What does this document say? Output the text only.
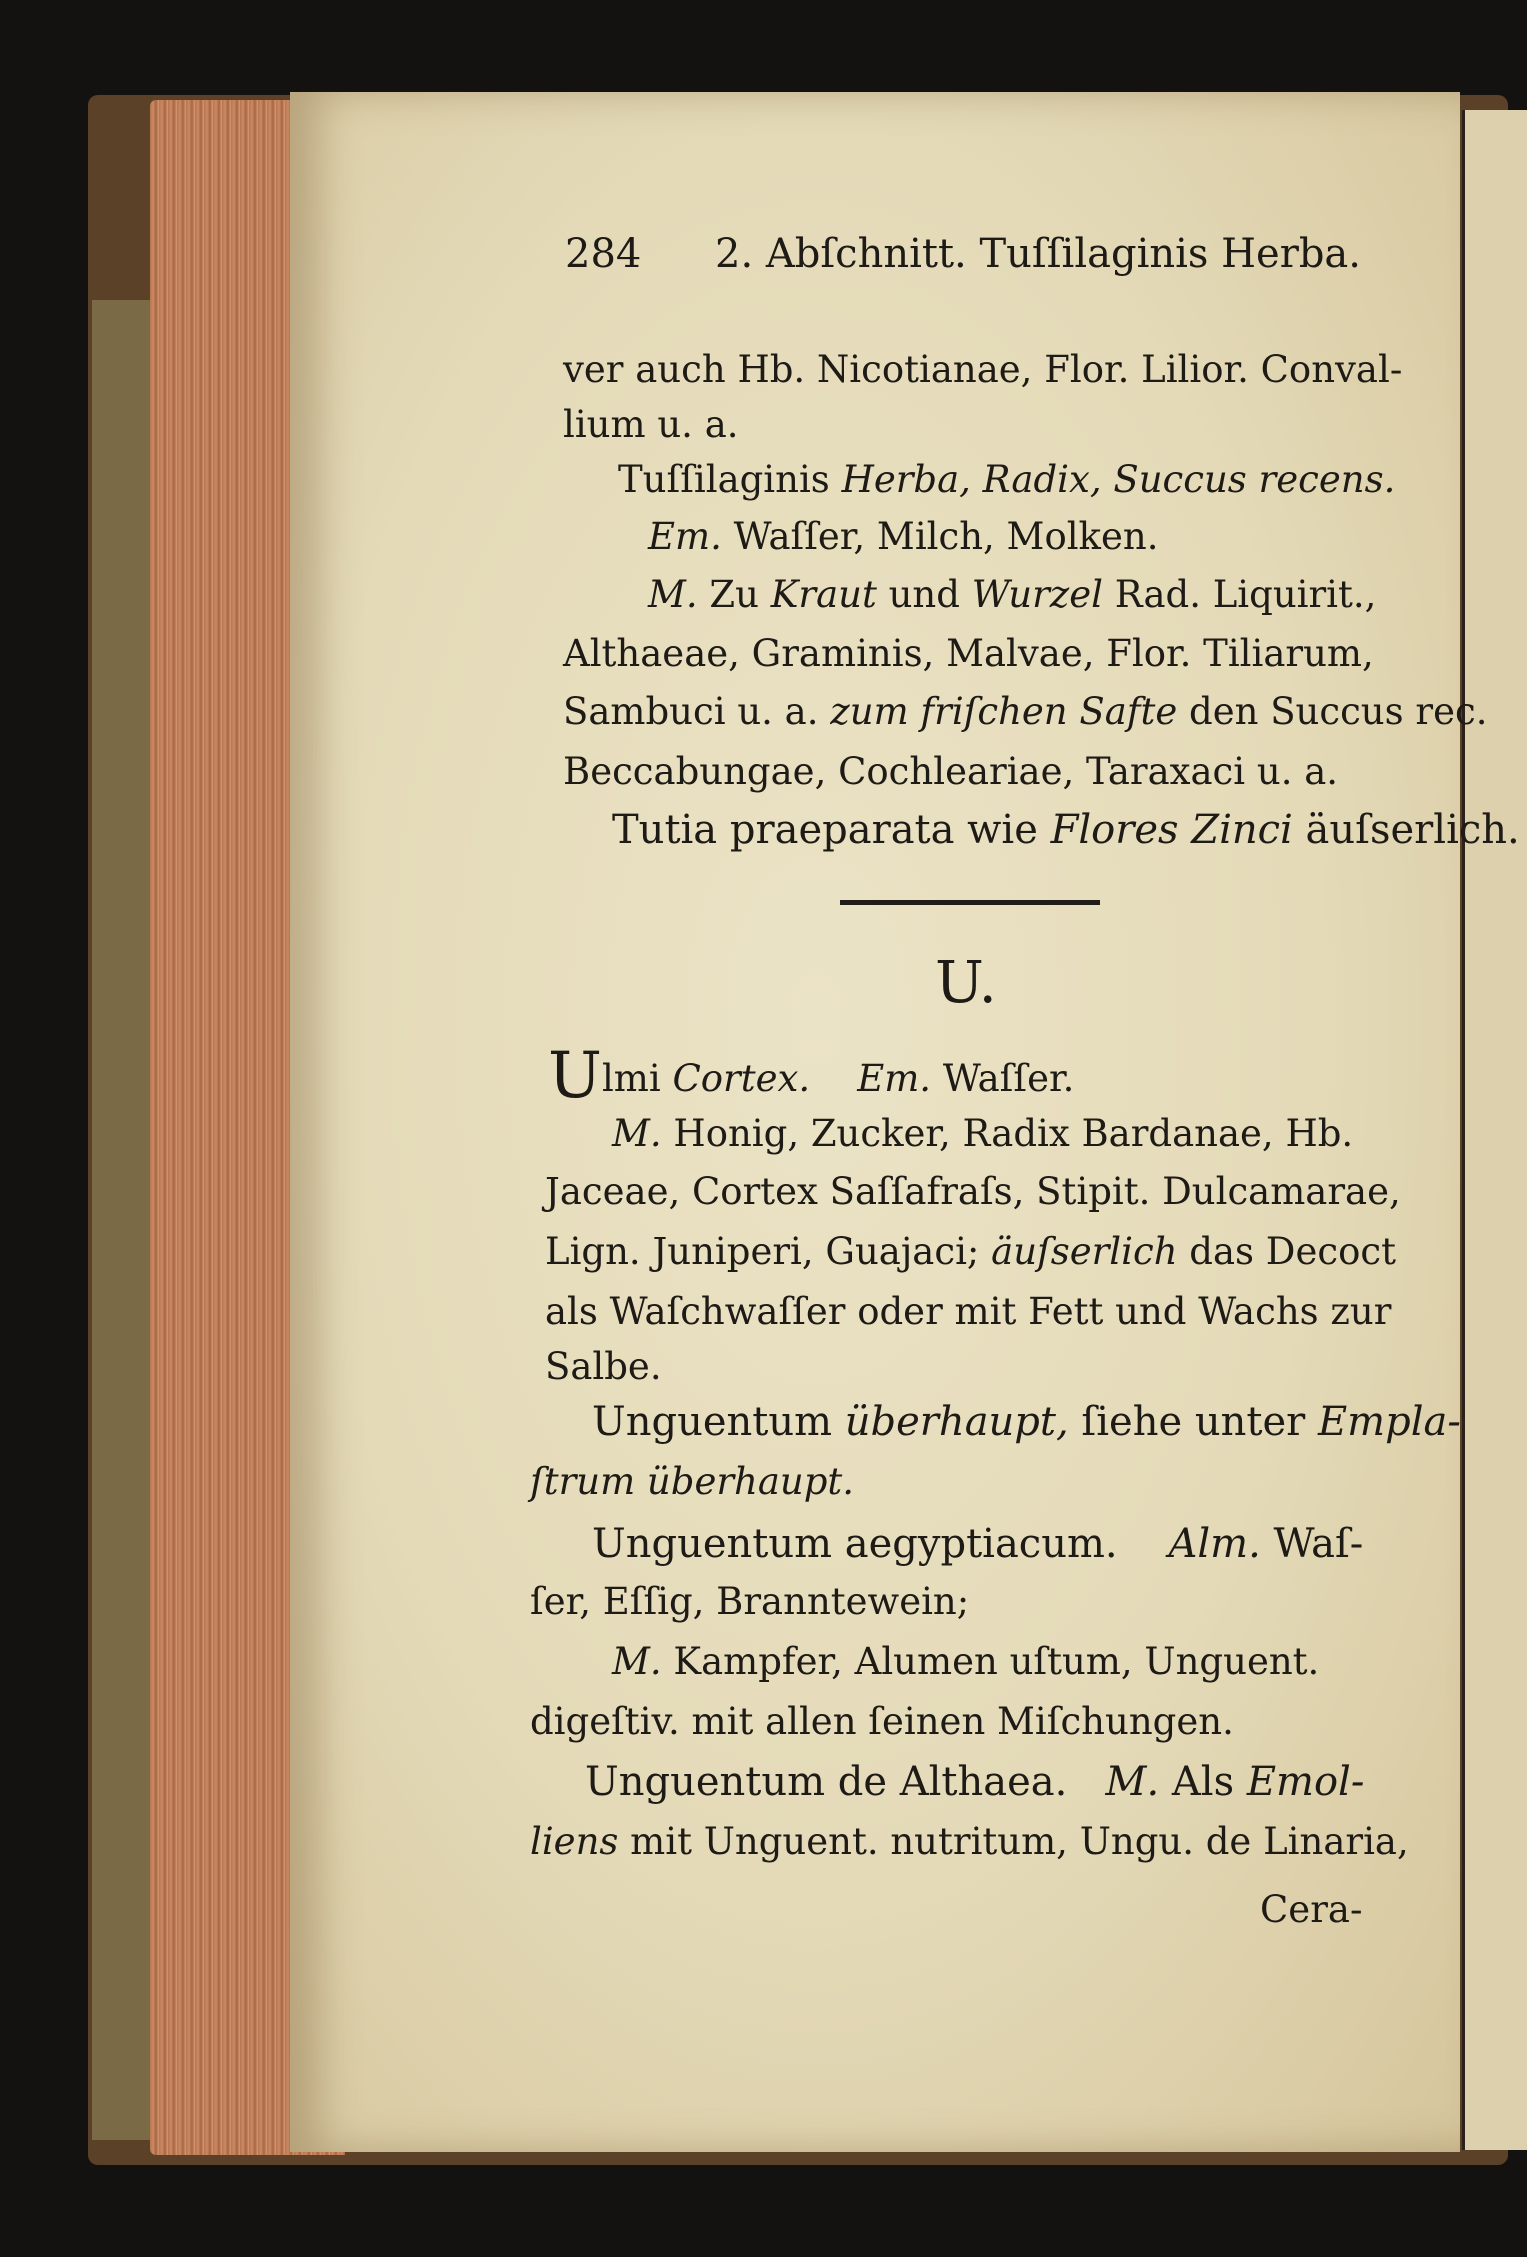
284 2. Abſchnitt. Tuſſilaginis Herba.
ver auch Hb. Nicotianae, Flor. Lilior. Conval-
lium u. a.
Tuſſilaginis Herba, Radix, Succus recens.
Em. Waſſer, Milch, Molken.
M. Zu Kraut und Wurzel Rad. Liquirit.,
Althaeae, Graminis, Malvae, Flor. Tiliarum,
Sambuci u. a. zum friſchen Safte den Succus rec.
Beccabungae, Cochleariae, Taraxaci u. a.
Tutia praeparata wie Flores Zinci äuſserlich.
U.
Ulmi Cortex. Em. Waſſer.
M. Honig, Zucker, Radix Bardanae, Hb.
Jaceae, Cortex Saſſafraſs, Stipit. Dulcamarae,
Lign. Juniperi, Guajaci; äuſserlich das Decoct
als Waſchwaſſer oder mit Fett und Wachs zur
Salbe.
Unguentum überhaupt, ſiehe unter Empla-
ſtrum überhaupt.
Unguentum aegyptiacum. Alm. Waſ-
ſer, Eſſig, Branntewein;
M. Kampfer, Alumen uſtum, Unguent.
digeſtiv. mit allen ſeinen Miſchungen.
Unguentum de Althaea. M. Als Emol-
liens mit Unguent. nutritum, Ungu. de Linaria,
Cera-
